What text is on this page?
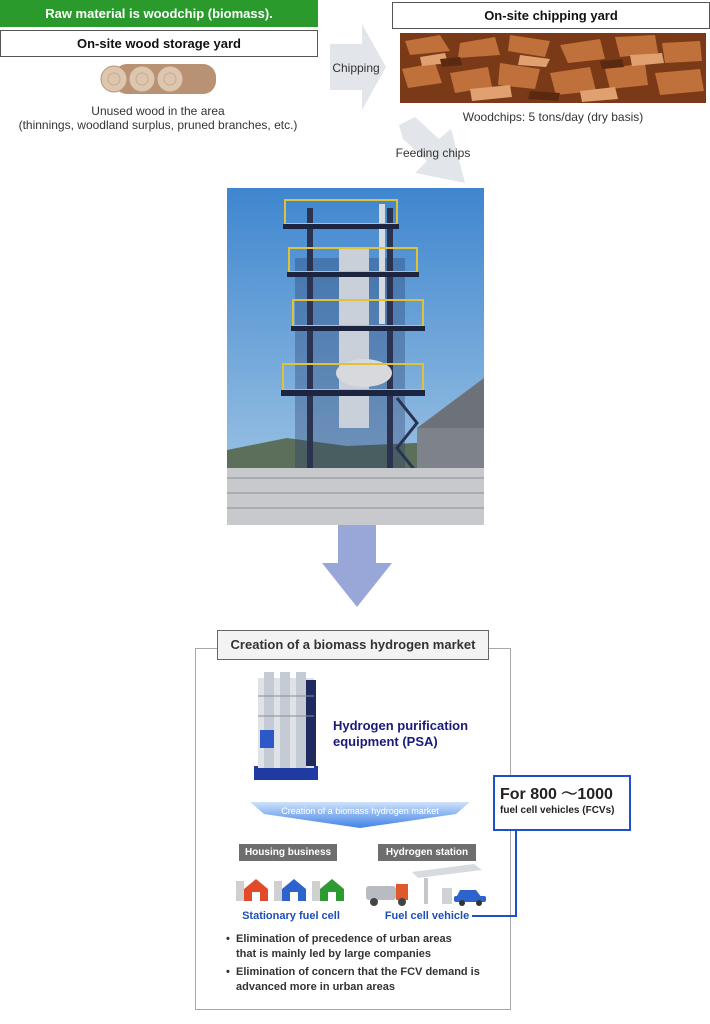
Raw material is woodchip (biomass).
On-site wood storage yard
Unused wood in the area
(thinnings, woodland surplus, pruned branches, etc.)
Chipping
On-site chipping yard
Woodchips: 5 tons/day (dry basis)
Feeding chips
Creation of a biomass hydrogen market
Hydrogen purification
equipment (PSA)
Creation of a biomass hydrogen market
Housing business	Hydrogen station
Stationary fuel cell	Fuel cell vehicle
• Elimination of precedence of urban areas
that is mainly led by large companies
• Elimination of concern that the FCV demand is
advanced more in urban areas
For 800 ～1000
fuel cell vehicles (FCVs)
